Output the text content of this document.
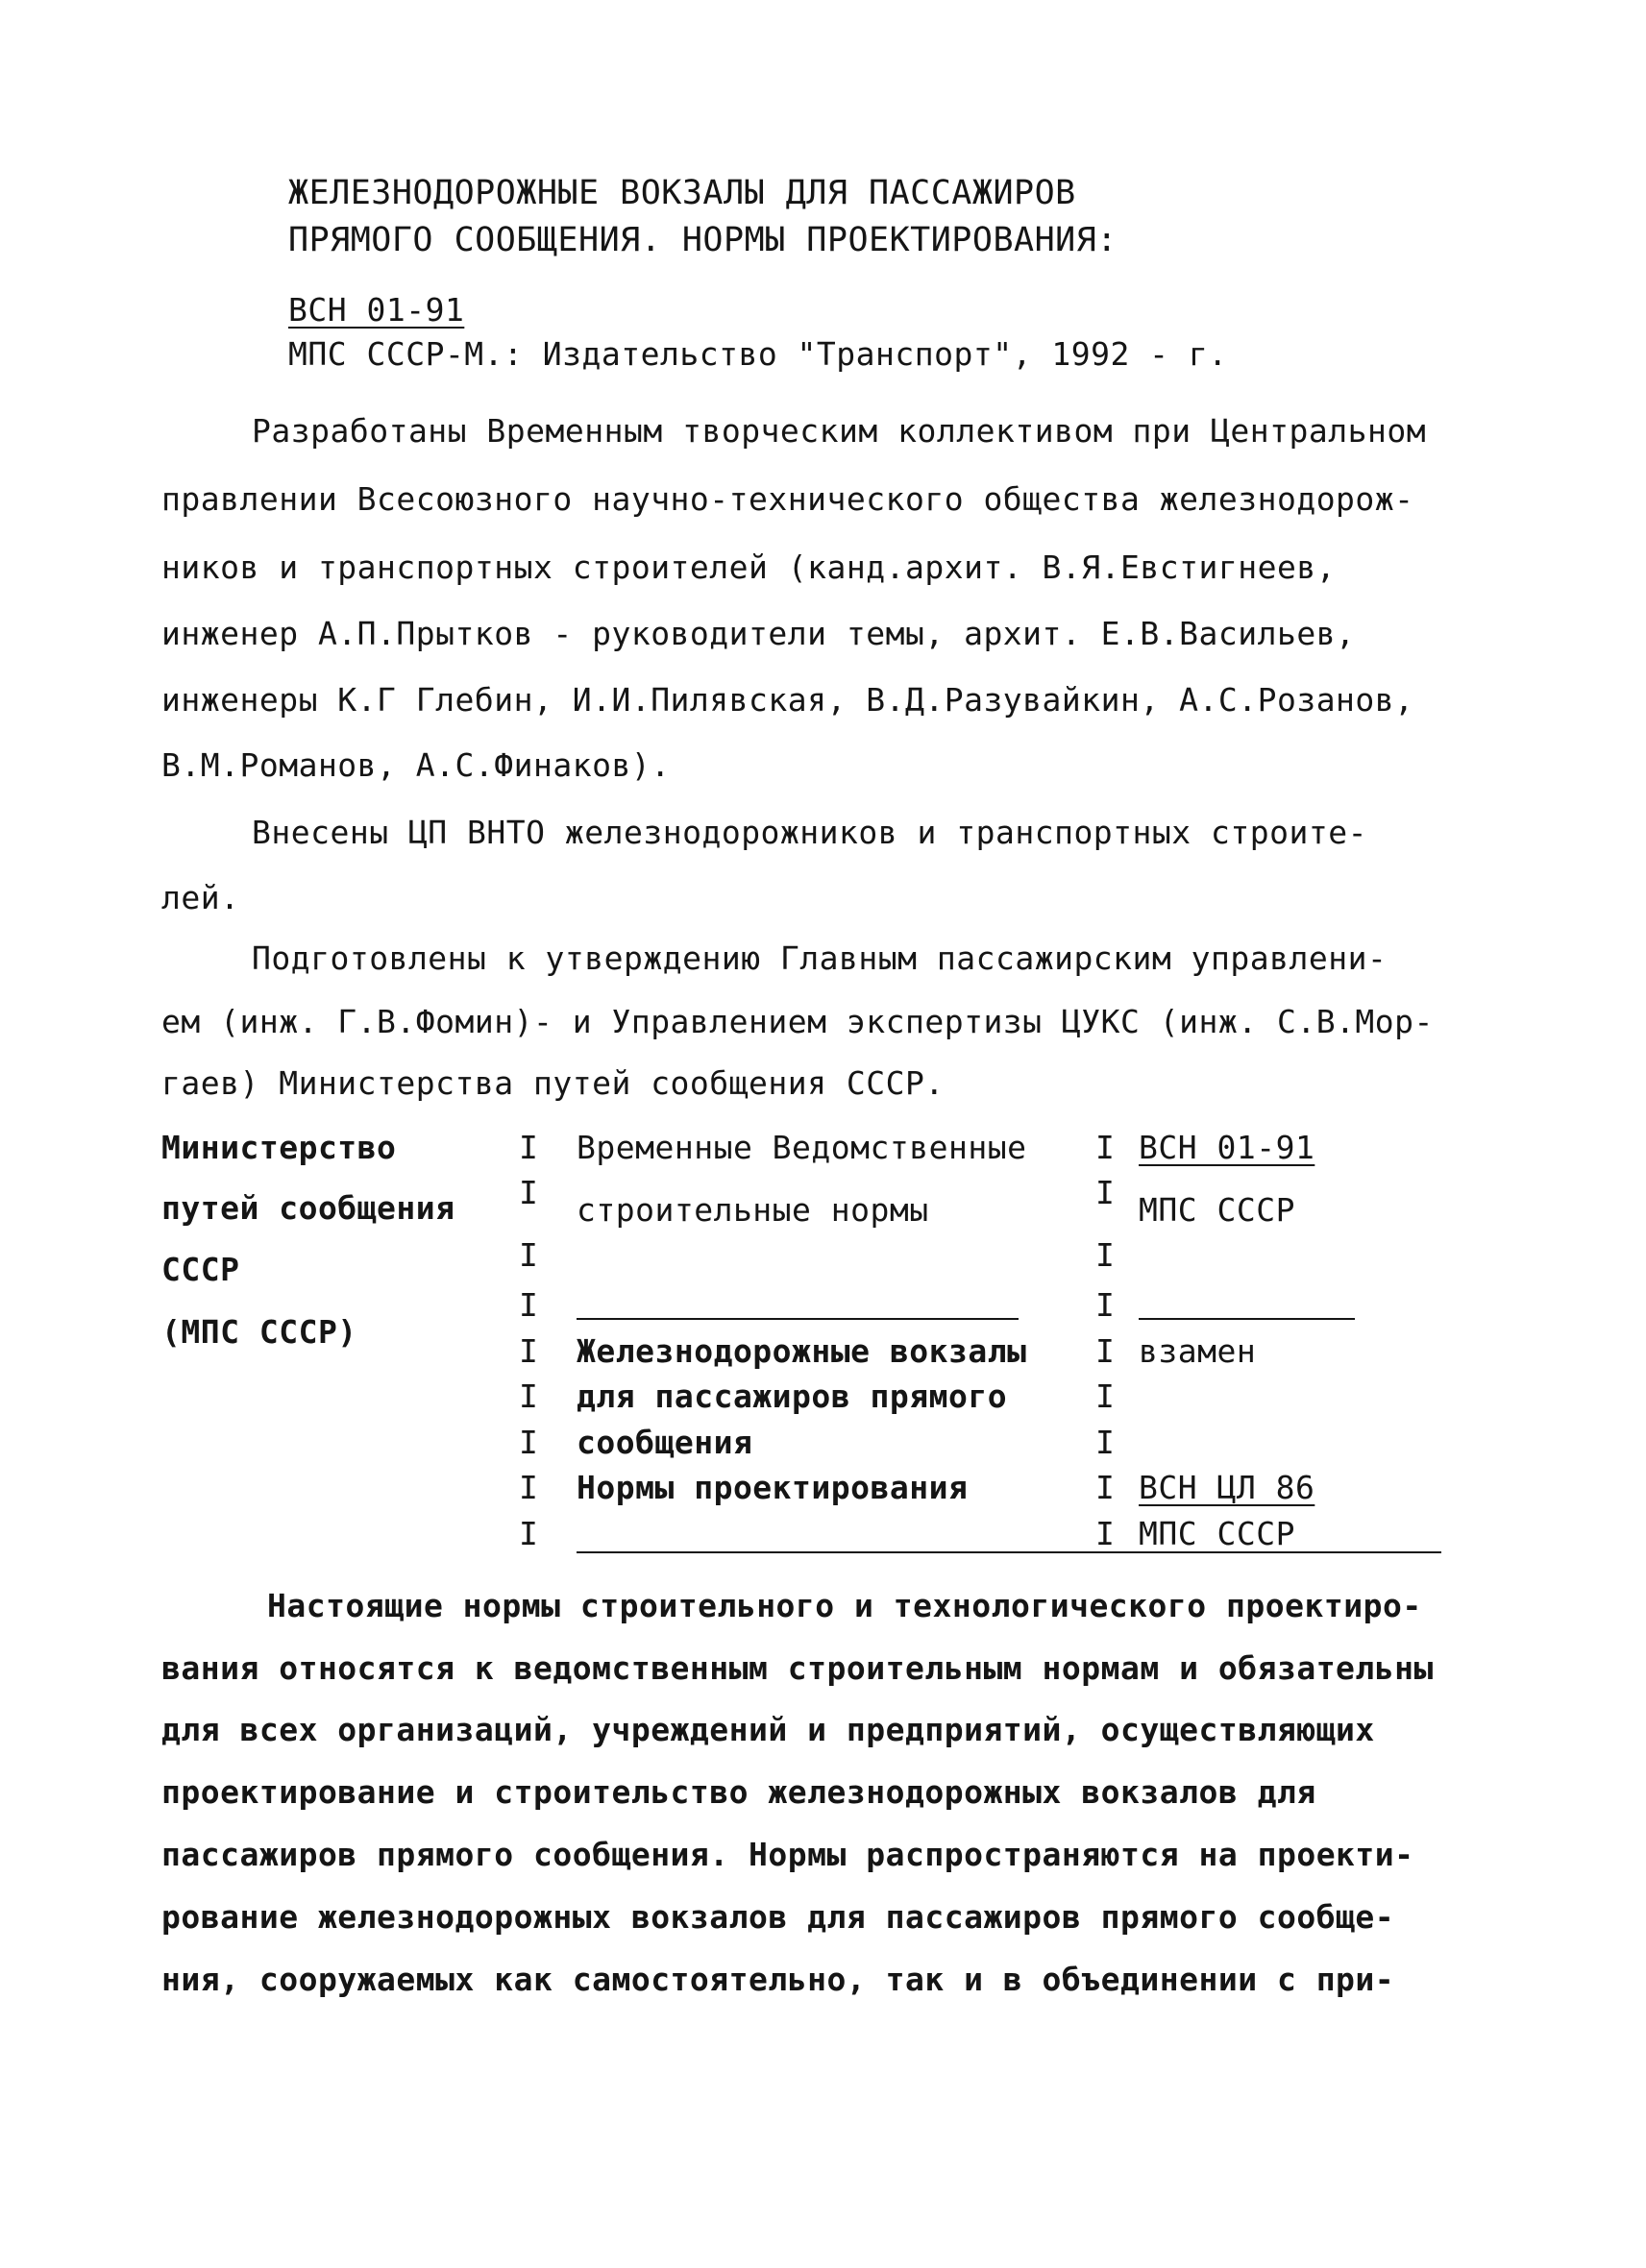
ЖЕЛЕЗНОДОРОЖНЫЕ ВОКЗАЛЫ ДЛЯ ПАССАЖИРОВ
ПРЯМОГО СООБЩЕНИЯ. НОРМЫ ПРОЕКТИРОВАНИЯ:
ВСН 01-91
МПС СССР-М.: Издательство "Транспорт", 1992 - г.
Разработаны Временным творческим коллективом при Центральном
правлении Всесоюзного научно-технического общества железнодорож-
ников и транспортных строителей (канд.архит. В.Я.Евстигнеев,
инженер А.П.Прытков - руководители темы, архит. Е.В.Васильев,
инженеры К.Г Глебин, И.И.Пилявская, В.Д.Разувайкин, А.С.Розанов,
В.М.Романов, А.С.Финаков).
Внесены ЦП ВНТО железнодорожников и транспортных строите-
лей.
Подготовлены к утверждению Главным пассажирским управлени-
ем (инж. Г.В.Фомин)- и Управлением экспертизы ЦУКС (инж. С.В.Мор-
гаев) Министерства путей сообщения СССР.
Министерство
путей сообщения
СССР
(МПС СССР)
I
I
I
I
I
I
I
I
I
Временные Ведомственные
строительные нормы
Железнодорожные вокзалы
для пассажиров прямого
сообщения
Нормы проектирования
I
I
I
I
I
I
I
I
I
ВСН 01-91
МПС СССР
взамен
ВСН ЦЛ 86
МПС СССР
Настоящие нормы строительного и технологического проектиро-
вания относятся к ведомственным строительным нормам и обязательны
для всех организаций, учреждений и предприятий, осуществляющих
проектирование и строительство железнодорожных вокзалов для
пассажиров прямого сообщения. Нормы распространяются на проекти-
рование железнодорожных вокзалов для пассажиров прямого сообще-
ния, сооружаемых как самостоятельно, так и в объединении с при-
